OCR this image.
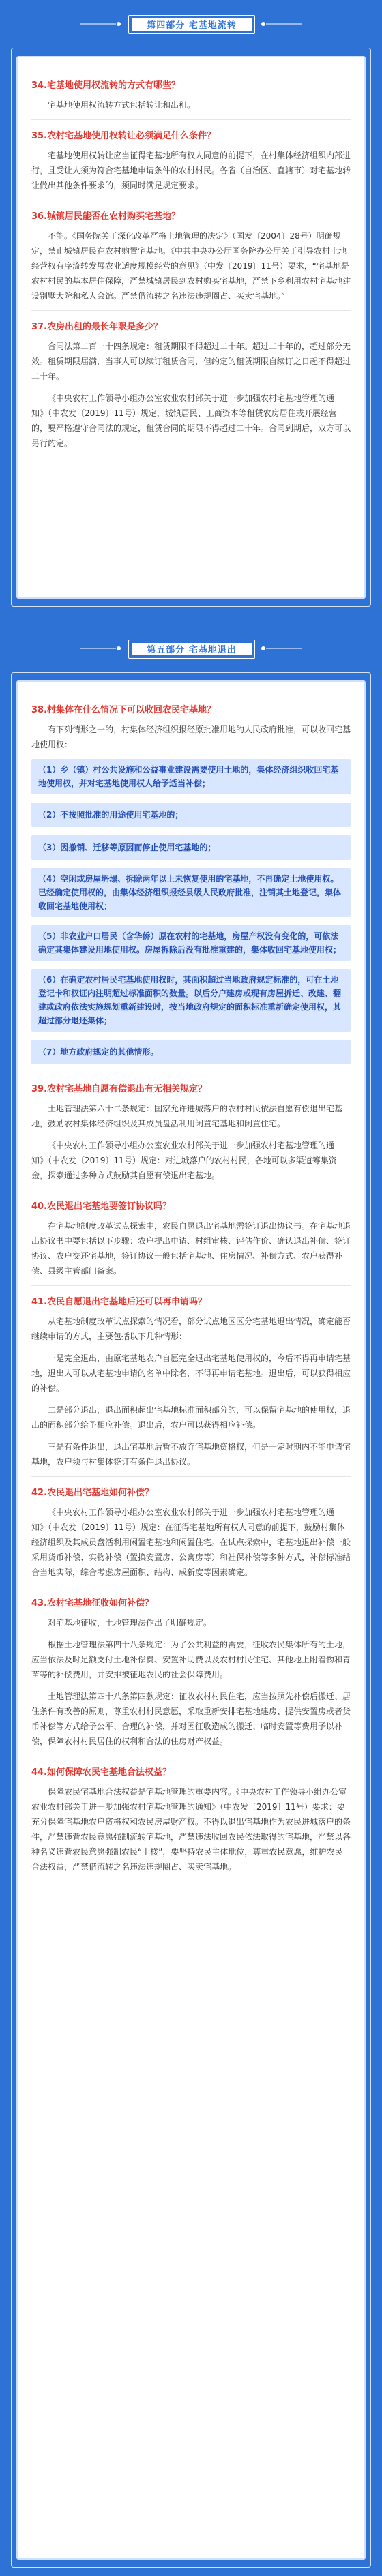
第四部分 宅基地流转
34.宅基地使用权流转的方式有哪些？

宅基地使用权流转方式包括转让和出租。

35.农村宅基地使用权转让必须满足什么条件？

宅基地使用权转让应当征得宅基地所有权人同意的前提下，在村集体经济组织内部进行，且受让人须为符合宅基地申请条件的农村村民。各省（自治区、直辖市）对宅基地转让做出其他条件要求的，须同时满足规定要求。

36.城镇居民能否在农村购买宅基地？

不能。《国务院关于深化改革严格土地管理的决定》（国发〔2004〕28号）明确规定，禁止城镇居民在农村购置宅基地。《中共中央办公厅国务院办公厅关于引导农村土地经营权有序流转发展农业适度规模经营的意见》（中发〔2019〕11号）要求，“宅基地是农村村民的基本居住保障，严禁城镇居民到农村购买宅基地，严禁下乡利用农村宅基地建设别墅大院和私人会馆。严禁借流转之名违法违规圈占、买卖宅基地。”

37.农房出租的最长年限是多少？

合同法第二百一十四条规定：租赁期限不得超过二十年。超过二十年的，超过部分无效。租赁期限届满，当事人可以续订租赁合同，但约定的租赁期限自续订之日起不得超过二十年。

《中央农村工作领导小组办公室农业农村部关于进一步加强农村宅基地管理的通知》（中农发〔2019〕11号）规定，城镇居民、工商资本等租赁农房居住或开展经营的，要严格遵守合同法的规定，租赁合同的期限不得超过二十年。合同到期后，双方可以另行约定。

第五部分 宅基地退出
38.村集体在什么情况下可以收回农民宅基地？

有下列情形之一的，村集体经济组织报经原批准用地的人民政府批准，可以收回宅基地使用权：

（1）乡（镇）村公共设施和公益事业建设需要使用土地的，集体经济组织收回宅基地使用权，并对宅基地使用权人给予适当补偿；
（2）不按照批准的用途使用宅基地的；
（3）因撤销、迁移等原因而停止使用宅基地的；
（4）空闲或房屋坍塌、拆除两年以上未恢复使用的宅基地，不再确定土地使用权。已经确定使用权的，由集体经济组织报经县级人民政府批准，注销其土地登记，集体收回宅基地使用权；
（5）非农业户口居民（含华侨）原在农村的宅基地，房屋产权没有变化的，可依法确定其集体建设用地使用权。房屋拆除后没有批准重建的，集体收回宅基地使用权；
（6）在确定农村居民宅基地使用权时，其面积超过当地政府规定标准的，可在土地登记卡和权证内注明超过标准面积的数量。以后分户建房或现有房屋拆迁、改建、翻建或政府依法实施规划重新建设时，按当地政府规定的面积标准重新确定使用权，其超过部分退还集体；
（7）地方政府规定的其他情形。
39.农村宅基地自愿有偿退出有无相关规定？

土地管理法第六十二条规定：国家允许进城落户的农村村民依法自愿有偿退出宅基地，鼓励农村集体经济组织及其成员盘活利用闲置宅基地和闲置住宅。

《中央农村工作领导小组办公室农业农村部关于进一步加强农村宅基地管理的通知》（中农发〔2019〕11号）规定：对进城落户的农村村民，各地可以多渠道筹集资金，探索通过多种方式鼓励其自愿有偿退出宅基地。

40.农民退出宅基地要签订协议吗？

在宅基地制度改革试点探索中，农民自愿退出宅基地需签订退出协议书。在宅基地退出协议书中要包括以下步骤：农户提出申请、村组审核、评估作价、确认退出补偿、签订协议、农户交还宅基地，签订协议一般包括宅基地、住房情况、补偿方式、农户获得补偿、县级主管部门备案。

41.农民自愿退出宅基地后还可以再申请吗？

从宅基地制度改革试点探索的情况看，部分试点地区区分宅基地退出情况，确定能否继续申请的方式，主要包括以下几种情形：

一是完全退出，由原宅基地农户自愿完全退出宅基地使用权的，今后不得再申请宅基地，退出人可以从宅基地申请的名单中除名，不得再申请宅基地。退出后，可以获得相应的补偿。

二是部分退出，退出面积超出宅基地标准面积部分的，可以保留宅基地的使用权，退出的面积部分给予相应补偿。退出后，农户可以获得相应补偿。

三是有条件退出，退出宅基地后暂不放弃宅基地资格权，但是一定时期内不能申请宅基地，农户须与村集体签订有条件退出协议。

42.农民退出宅基地如何补偿？

《中央农村工作领导小组办公室农业农村部关于进一步加强农村宅基地管理的通知》（中农发〔2019〕11号）规定：在征得宅基地所有权人同意的前提下，鼓励村集体经济组织及其成员盘活利用闲置宅基地和闲置住宅。在试点探索中，宅基地退出补偿一般采用货币补偿、实物补偿（置换安置房、公寓房等）和社保补偿等多种方式，补偿标准结合当地实际，综合考虑房屋面积、结构、成新度等因素确定。

43.农村宅基地征收如何补偿？

对宅基地征收，土地管理法作出了明确规定。

根据土地管理法第四十八条规定：为了公共利益的需要，征收农民集体所有的土地，应当依法及时足额支付土地补偿费、安置补助费以及农村村民住宅、其他地上附着物和青苗等的补偿费用，并安排被征地农民的社会保障费用。

土地管理法第四十八条第四款规定：征收农村村民住宅，应当按照先补偿后搬迁、居住条件有改善的原则，尊重农村村民意愿，采取重新安排宅基地建房、提供安置房或者货币补偿等方式给予公平、合理的补偿，并对因征收造成的搬迁、临时安置等费用予以补偿，保障农村村民居住的权利和合法的住房财产权益。

44.如何保障农民宅基地合法权益？

保障农民宅基地合法权益是宅基地管理的重要内容。《中央农村工作领导小组办公室农业农村部关于进一步加强农村宅基地管理的通知》（中农发〔2019〕11号）要求：要充分保障宅基地农户资格权和农民房屋财产权。不得以退出宅基地作为农民进城落户的条件，严禁违背农民意愿强制流转宅基地，严禁违法收回农民依法取得的宅基地，严禁以各种名义违背农民意愿强制农民“上楼”，要坚持农民主体地位，尊重农民意愿，维护农民合法权益，严禁借流转之名违法违规圈占、买卖宅基地。
